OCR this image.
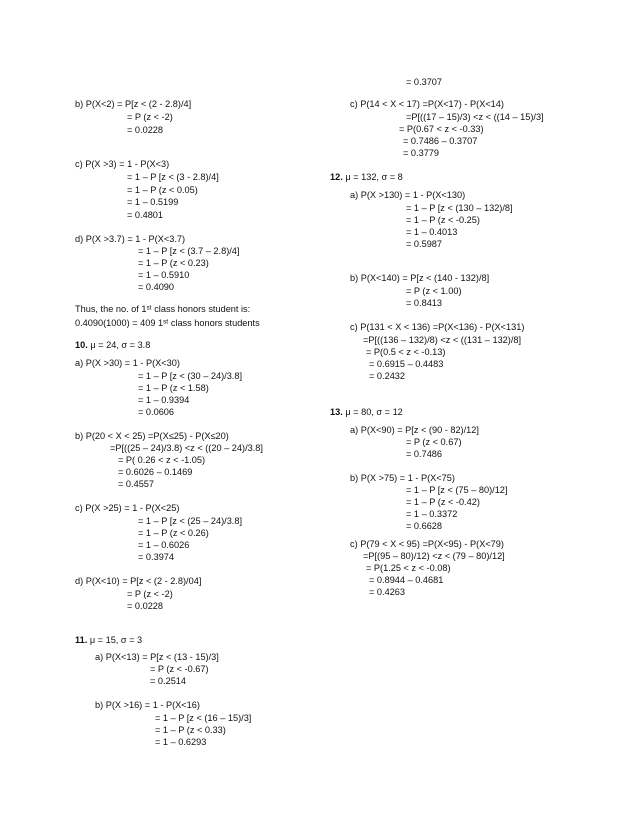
b) P(X<2) = P[z < (2 - 2.8)/4]
= P (z < -2)
= 0.0228
c) P(X >3) = 1 - P(X<3)
= 1 – P [z < (3 - 2.8)/4]
= 1 – P (z < 0.05)
= 1 – 0.5199
= 0.4801
d) P(X >3.7) = 1 - P(X<3.7)
= 1 – P [z < (3.7 – 2.8)/4]
= 1 – P (z < 0.23)
= 1 – 0.5910
= 0.4090
Thus, the no. of 1ˢᵗ class honors student is:
0.4090(1000) = 409 1ˢᵗ class honors students
10. μ = 24, σ = 3.8
a) P(X >30) = 1 - P(X<30)
= 1 – P [z < (30 – 24)/3.8]
= 1 – P (z < 1.58)
= 1 – 0.9394
= 0.0606
b) P(20 < X < 25) =P(X≤25) - P(X≤20)
=P[((25 – 24)/3.8) <z < ((20 – 24)/3.8]
= P( 0.26 < z < -1.05)
= 0.6026 – 0.1469
= 0.4557
c) P(X >25) = 1 - P(X<25)
= 1 – P [z < (25 – 24)/3.8]
= 1 – P (z < 0.26)
= 1 – 0.6026
= 0.3974
d) P(X<10) = P[z < (2 - 2.8)/04]
= P (z < -2)
= 0.0228
11. μ = 15, σ = 3
a) P(X<13) = P[z < (13 - 15)/3]
= P (z < -0.67)
= 0.2514
b) P(X >16) = 1 - P(X<16)
= 1 – P [z < (16 – 15)/3]
= 1 – P (z < 0.33)
= 1 – 0.6293
= 0.3707
c) P(14 < X < 17) =P(X<17) - P(X<14)
=P[((17 – 15)/3) <z < ((14 – 15)/3]
= P(0.67 < z < -0.33)
= 0.7486 – 0.3707
= 0.3779
12. μ = 132, σ = 8
a) P(X >130) = 1 - P(X<130)
= 1 – P [z < (130 – 132)/8]
= 1 – P (z < -0.25)
= 1 – 0.4013
= 0.5987
b) P(X<140) = P[z < (140 - 132)/8]
= P (z < 1.00)
= 0.8413
c) P(131 < X < 136) =P(X<136) - P(X<131)
=P[((136 – 132)/8) <z < ((131 – 132)/8]
= P(0.5 < z < -0.13)
= 0.6915 – 0.4483
= 0.2432
13. μ = 80, σ = 12
a) P(X<90) = P[z < (90 - 82)/12]
= P (z < 0.67)
= 0.7486
b) P(X >75) = 1 - P(X<75)
= 1 – P [z < (75 – 80)/12]
= 1 – P (z < -0.42)
= 1 – 0.3372
= 0.6628
c) P(79 < X < 95) =P(X<95) - P(X<79)
=P[(95 – 80)/12) <z < (79 – 80)/12]
= P(1.25 < z < -0.08)
= 0.8944 – 0.4681
= 0.4263
